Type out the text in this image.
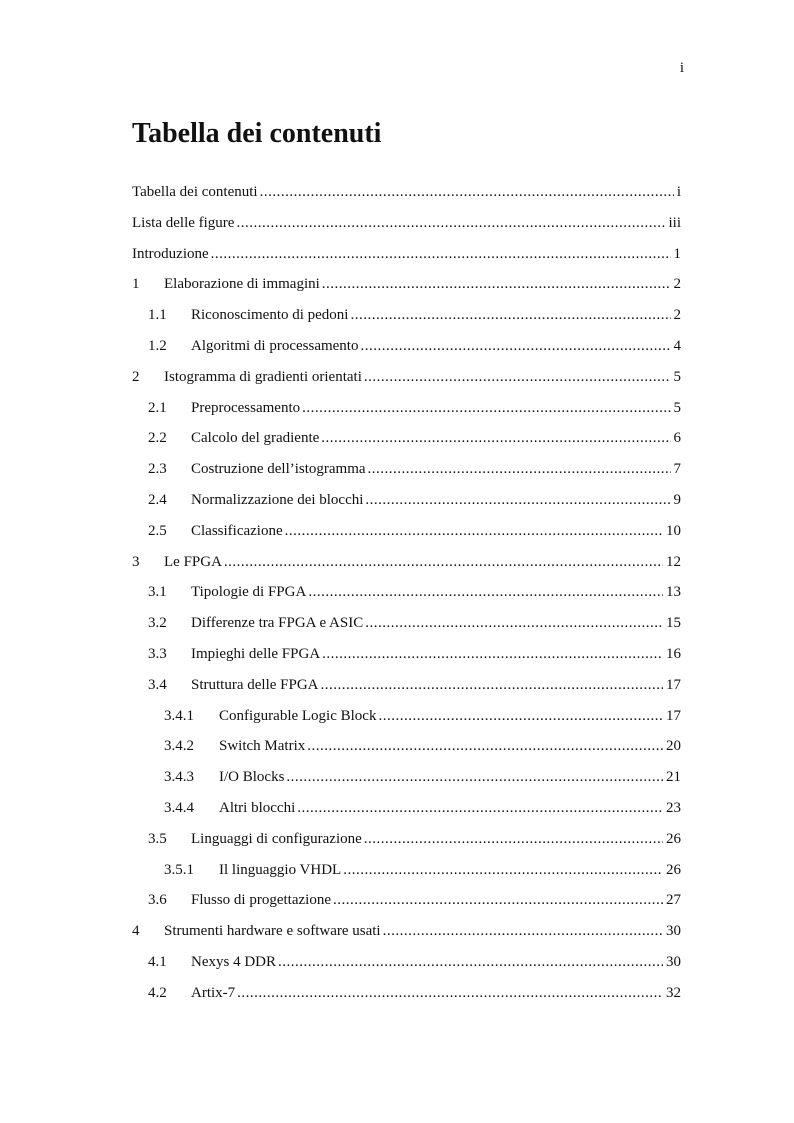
i
Tabella dei contenuti
Tabella dei contenuti .....	i
Lista delle figure .....	iii
Introduzione .....	1
1	Elaborazione di immagini .....	2
1.1	Riconoscimento di pedoni .....	2
1.2	Algoritmi di processamento .....	4
2	Istogramma di gradienti orientati .....	5
2.1	Preprocessamento .....	5
2.2	Calcolo del gradiente .....	6
2.3	Costruzione dell’istogramma .....	7
2.4	Normalizzazione dei blocchi .....	9
2.5	Classificazione .....	10
3	Le FPGA .....	12
3.1	Tipologie di FPGA .....	13
3.2	Differenze tra FPGA e ASIC .....	15
3.3	Impieghi delle FPGA .....	16
3.4	Struttura delle FPGA .....	17
3.4.1	Configurable Logic Block .....	17
3.4.2	Switch Matrix .....	20
3.4.3	I/O Blocks .....	21
3.4.4	Altri blocchi .....	23
3.5	Linguaggi di configurazione .....	26
3.5.1	Il linguaggio VHDL .....	26
3.6	Flusso di progettazione .....	27
4	Strumenti hardware e software usati .....	30
4.1	Nexys 4 DDR .....	30
4.2	Artix-7 .....	32
